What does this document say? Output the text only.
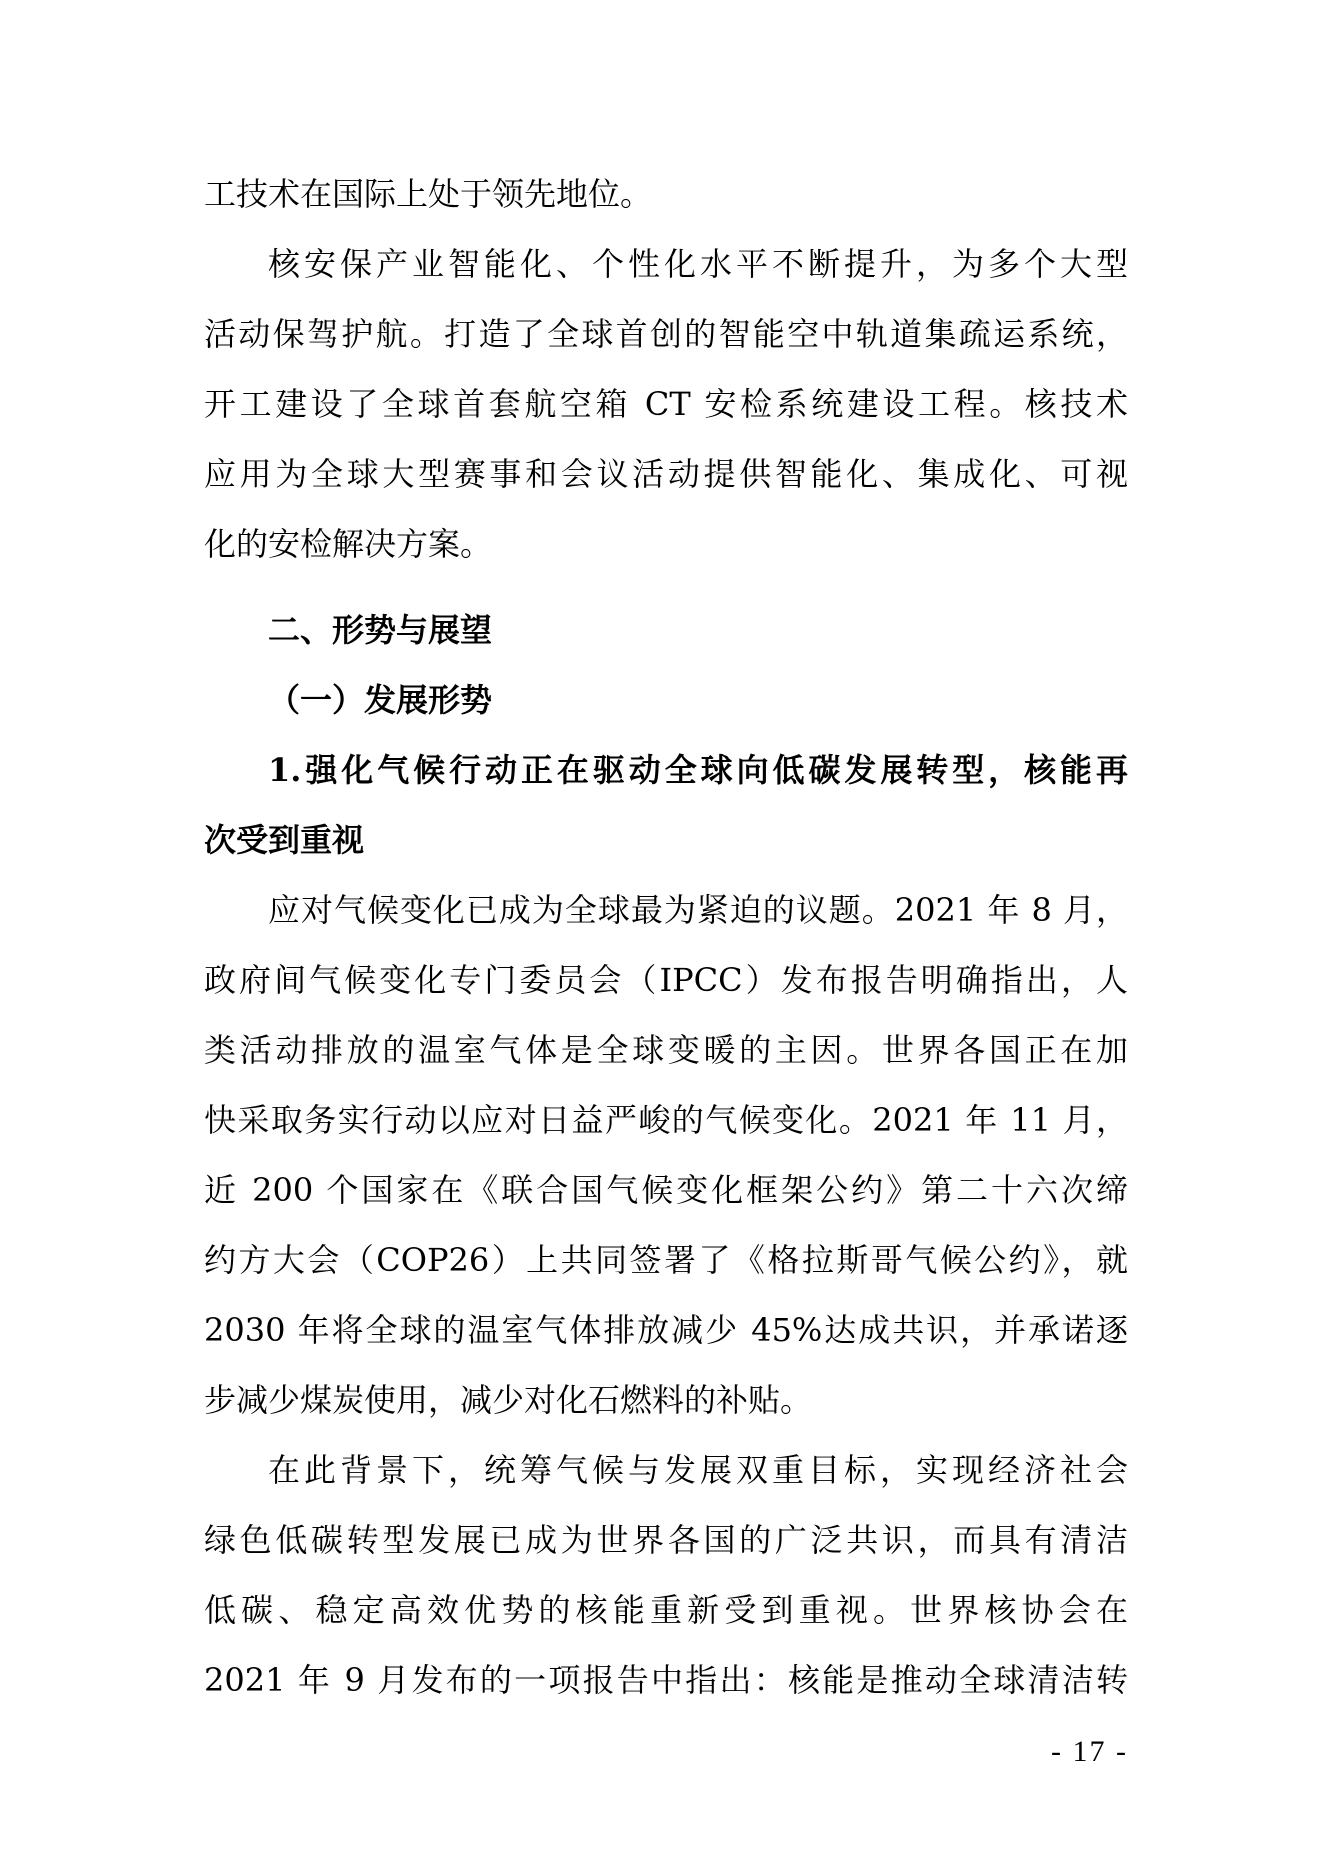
工技术在国际上处于领先地位。
核安保产业智能化、个性化水平不断提升，为多个大型
活动保驾护航。打造了全球首创的智能空中轨道集疏运系统，
开工建设了全球首套航空箱 CT 安检系统建设工程。核技术
应用为全球大型赛事和会议活动提供智能化、集成化、可视
化的安检解决方案。
二、形势与展望
（一）发展形势
1.强化气候行动正在驱动全球向低碳发展转型，核能再
次受到重视
应对气候变化已成为全球最为紧迫的议题。2021 年 8 月，
政府间气候变化专门委员会（IPCC）发布报告明确指出，人
类活动排放的温室气体是全球变暖的主因。世界各国正在加
快采取务实行动以应对日益严峻的气候变化。2021 年 11 月，
近 200 个国家在《联合国气候变化框架公约》第二十六次缔
约方大会（COP26）上共同签署了《格拉斯哥气候公约》，就
2030 年将全球的温室气体排放减少 45%达成共识，并承诺逐
步减少煤炭使用，减少对化石燃料的补贴。
在此背景下，统筹气候与发展双重目标，实现经济社会
绿色低碳转型发展已成为世界各国的广泛共识，而具有清洁
低碳、稳定高效优势的核能重新受到重视。世界核协会在
2021 年 9 月发布的一项报告中指出：核能是推动全球清洁转
- 17 -
